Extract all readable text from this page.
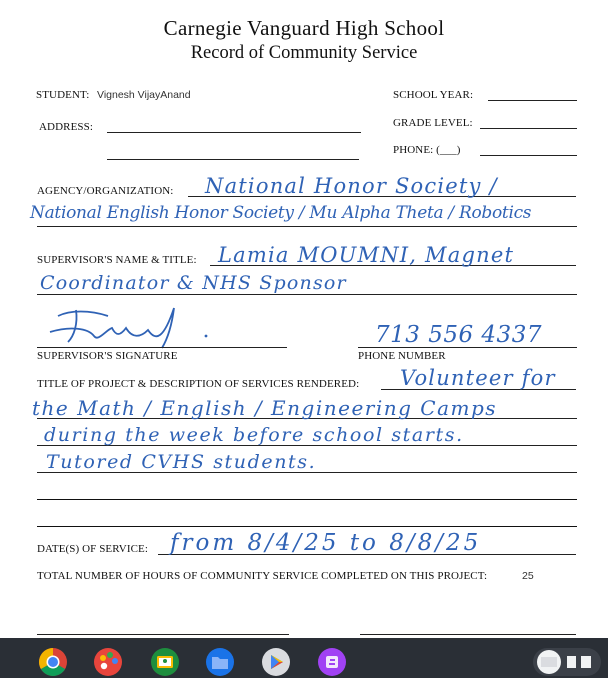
Carnegie Vanguard High School
Record of Community Service
STUDENT: Vignesh VijayAnand	SCHOOL YEAR:
ADDRESS:	GRADE LEVEL:
PHONE: (___)
AGENCY/ORGANIZATION: National Honor Society /
National English Honor Society / Mu Alpha Theta / Robotics
SUPERVISOR'S NAME & TITLE: Lamia MOUMNI, Magnet
Coordinator & NHS Sponsor
SUPERVISOR'S SIGNATURE
713 556 4337
PHONE NUMBER
TITLE OF PROJECT & DESCRIPTION OF SERVICES RENDERED: Volunteer for
the Math / English / Engineering Camps
during the week before school starts.
Tutored CVHS students.
DATE(S) OF SERVICE: from 8/4/25 to 8/8/25
TOTAL NUMBER OF HOURS OF COMMUNITY SERVICE COMPLETED ON THIS PROJECT:	25
